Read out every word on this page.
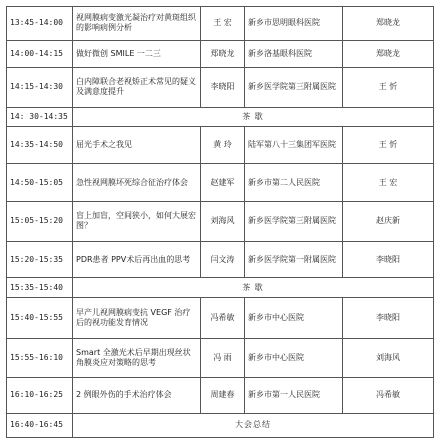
13:45-14:00	视网膜病变激光凝治疗对黄斑组织的影响病例分析	王 宏	新乡市思明眼科医院	郑晓龙
14:00-14:15	做好微创 SMILE 一二三	郑晓龙	新乡洛基眼科医院	郑晓龙
14:15-14:30	白内障联合老视矫正术常见的疑义及满意度提升	李晓阳	新乡医学院第三附属医院	王 忻
14: 30-14:35	茶 歇			
14:35-14:50	屈光手术之我见	黄 玲	陆军第八十三集团军医院	王 忻
14:50-15:05	急性视网膜坏死综合征治疗体会	赵建军	新乡市第二人民医院	王 宏
15:05-15:20	盲上加盲，空间狭小，如何大展宏图？	刘海风	新乡医学院第三附属医院	赵庆新
15:20-15:35	PDR患者 PPV术后再出血的思考	闫文涛	新乡医学院第一附属医院	李晓阳
15:35-15:40	茶 歇			
15:40-15:55	早产儿视网膜病变抗 VEGF 治疗后的视功能发育情况	冯希敏	新乡市中心医院	李晓阳
15:55-16:10	Smart 全激光术后早期出现丝状角膜炎应对策略的思考	冯 雨	新乡市中心医院	刘海风
16:10-16:25	2 例眼外伤的手术治疗体会	周建春	新乡市第一人民医院	冯希敏
16:40-16:45	大会总结			
